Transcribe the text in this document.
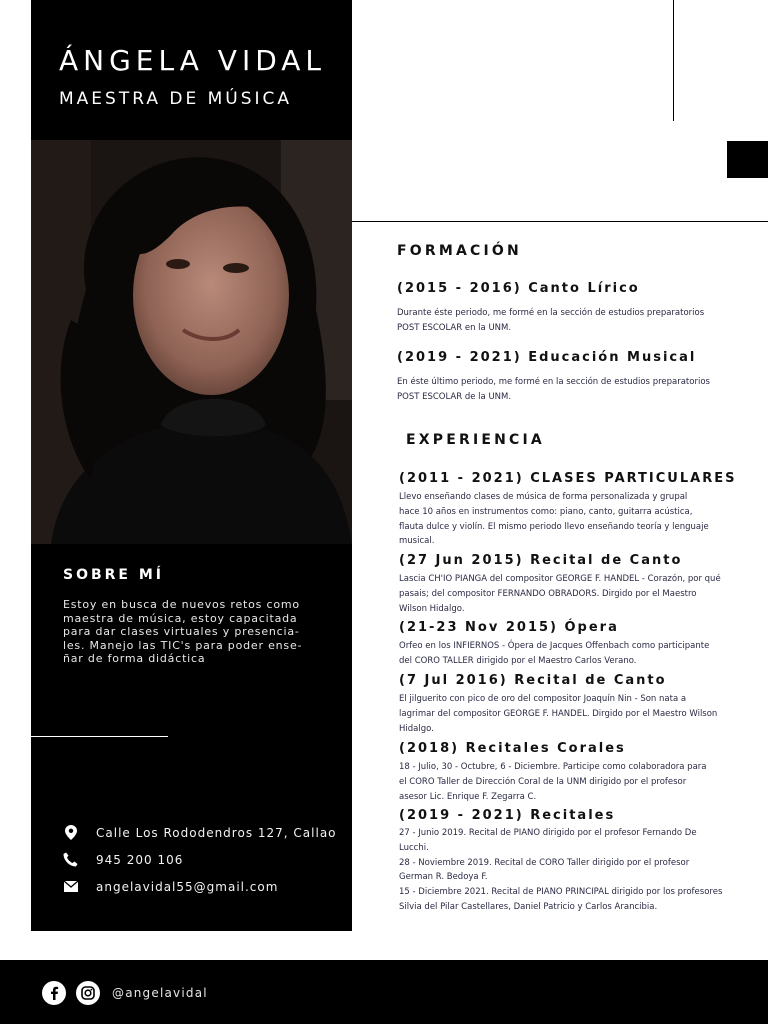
ÁNGELA VIDAL
MAESTRA DE MÚSICA
SOBRE MÍ
Estoy en busca de nuevos retos como
maestra de música, estoy capacitada
para dar clases virtuales y presencia-
les. Manejo las TIC's para poder ense-
ñar de forma didáctica
Calle Los Rododendros 127, Callao
945 200 106
angelavidal55@gmail.com
FORMACIÓN
(2015 - 2016) Canto Lírico

Durante éste periodo, me formé en la sección de estudios preparatorios

POST ESCOLAR en la UNM.

(2019 - 2021) Educación Musical

En éste último periodo, me formé en la sección de estudios preparatorios

POST ESCOLAR de la UNM.

EXPERIENCIA
(2011 - 2021) CLASES PARTICULARES

Llevo enseñando clases de música de forma personalizada y grupal

hace 10 años en instrumentos como: piano, canto, guitarra acústica,

flauta dulce y violín. El mismo periodo llevo enseñando teoría y lenguaje

musical.

(27 Jun 2015) Recital de Canto

Lascia CH'IO PIANGA del compositor GEORGE F. HANDEL - Corazón, por qué

pasais; del compositor FERNANDO OBRADORS. Dirgido por el Maestro

Wilson Hidalgo.

(21-23 Nov 2015) Ópera

Orfeo en los INFIERNOS - Ópera de Jacques Offenbach como participante

del CORO TALLER dirigido por el Maestro Carlos Verano.

(7 Jul 2016) Recital de Canto

El jilguerito con pico de oro del compositor Joaquín Nin - Son nata a

lagrimar del compositor GEORGE F. HANDEL. Dirgido por el Maestro Wilson

Hidalgo.

(2018) Recitales Corales

18 - Julio, 30 - Octubre, 6 - Diciembre. Participe como colaboradora para

el CORO Taller de Dirección Coral de la UNM dirigido por el profesor

asesor Lic. Enrique F. Zegarra C.

(2019 - 2021) Recitales

27 - Junio 2019. Recital de PIANO dirigido por el profesor Fernando De

Lucchi.

28 - Noviembre 2019. Recital de CORO Taller dirigido por el profesor

German R. Bedoya F.

15 - Diciembre 2021. Recital de PIANO PRINCIPAL dirigido por los profesores

Silvia del Pilar Castellares, Daniel Patricio y Carlos Arancibia.

@angelavidal
